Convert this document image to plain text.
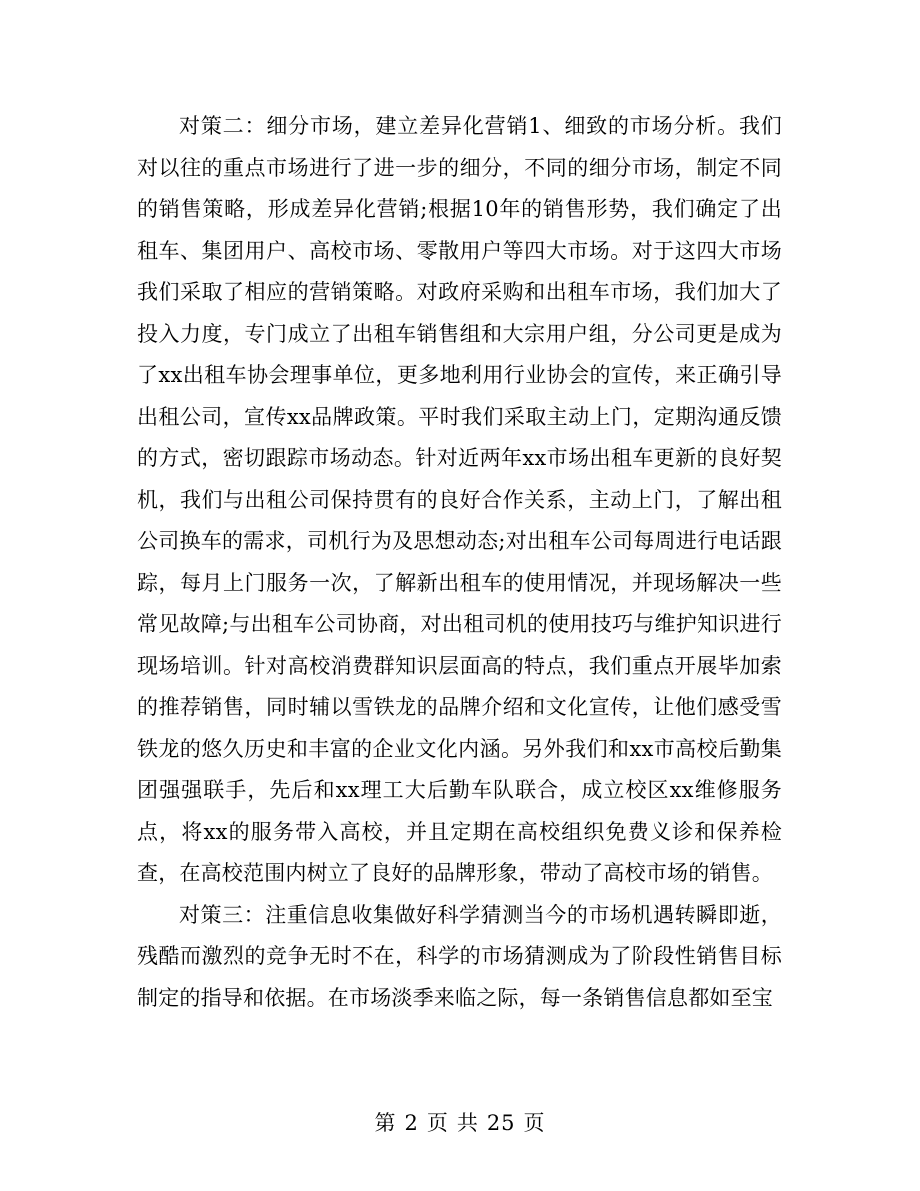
对策二：细分市场，建立差异化营销1、细致的市场分析。我们对以往的重点市场进行了进一步的细分，不同的细分市场，制定不同的销售策略，形成差异化营销;根据10年的销售形势，我们确定了出租车、集团用户、高校市场、零散用户等四大市场。对于这四大市场我们采取了相应的营销策略。对政府采购和出租车市场，我们加大了投入力度，专门成立了出租车销售组和大宗用户组，分公司更是成为了xx出租车协会理事单位，更多地利用行业协会的宣传，来正确引导出租公司，宣传xx品牌政策。平时我们采取主动上门，定期沟通反馈的方式，密切跟踪市场动态。针对近两年xx市场出租车更新的良好契机，我们与出租公司保持贯有的良好合作关系，主动上门，了解出租公司换车的需求，司机行为及思想动态;对出租车公司每周进行电话跟踪，每月上门服务一次，了解新出租车的使用情况，并现场解决一些常见故障;与出租车公司协商，对出租司机的使用技巧与维护知识进行现场培训。针对高校消费群知识层面高的特点，我们重点开展毕加索的推荐销售，同时辅以雪铁龙的品牌介绍和文化宣传，让他们感受雪铁龙的悠久历史和丰富的企业文化内涵。另外我们和xx市高校后勤集团强强联手，先后和xx理工大后勤车队联合，成立校区xx维修服务点，将xx的服务带入高校，并且定期在高校组织免费义诊和保养检查，在高校范围内树立了良好的品牌形象，带动了高校市场的销售。

对策三：注重信息收集做好科学猜测当今的市场机遇转瞬即逝，残酷而激烈的竞争无时不在，科学的市场猜测成为了阶段性销售目标制定的指导和依据。在市场淡季来临之际，每一条销售信息都如至宝

第 2 页 共 25 页
